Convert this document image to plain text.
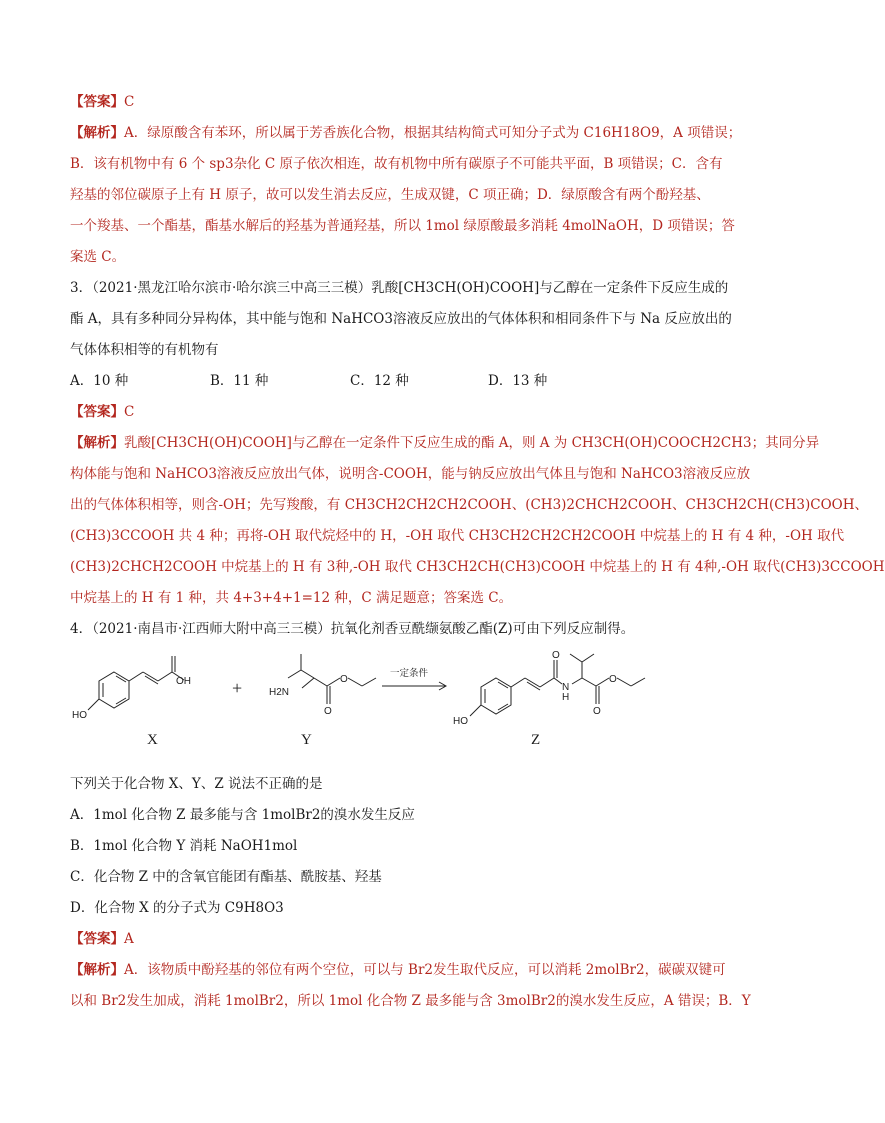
【答案】C
【解析】A．绿原酸含有苯环，所以属于芳香族化合物，根据其结构简式可知分子式为 C16H18O9，A 项错误；
B．该有机物中有 6 个 sp3杂化 C 原子依次相连，故有机物中所有碳原子不可能共平面，B 项错误；C．含有
羟基的邻位碳原子上有 H 原子，故可以发生消去反应，生成双键，C 项正确；D．绿原酸含有两个酚羟基、
一个羧基、一个酯基，酯基水解后的羟基为普通羟基，所以 1mol 绿原酸最多消耗 4molNaOH，D 项错误；答
案选 C。
3．（2021·黑龙江哈尔滨市·哈尔滨三中高三三模）乳酸[CH3CH(OH)COOH]与乙醇在一定条件下反应生成的
酯 A，具有多种同分异构体，其中能与饱和 NaHCO3溶液反应放出的气体体积和相同条件下与 Na 反应放出的
气体体积相等的有机物有
A．10 种	B．11 种	C．12 种	D．13 种
【答案】C
【解析】乳酸[CH3CH(OH)COOH]与乙醇在一定条件下反应生成的酯 A，则 A 为 CH3CH(OH)COOCH2CH3；其同分异
构体能与饱和 NaHCO3溶液反应放出气体，说明含-COOH，能与钠反应放出气体且与饱和 NaHCO3溶液反应放
出的气体体积相等，则含-OH；先写羧酸，有 CH3CH2CH2CH2COOH、(CH3)2CHCH2COOH、CH3CH2CH(CH3)COOH、
(CH3)3CCOOH 共 4 种；再将-OH 取代烷烃中的 H，-OH 取代 CH3CH2CH2CH2COOH 中烷基上的 H 有 4 种，-OH 取代
(CH3)2CHCH2COOH 中烷基上的 H 有 3种,-OH 取代 CH3CH2CH(CH3)COOH 中烷基上的 H 有 4种,-OH 取代(CH3)3CCOOH
中烷基上的 H 有 1 种，共 4+3+4+1=12 种，C 满足题意；答案选 C。
4．（2021·南昌市·江西师大附中高三三模）抗氧化剂香豆酰缬氨酸乙酯(Z)可由下列反应制得。
OH
HO
H2N
O
O
HO
O
N
H
O
O
+
一定条件
X	Y	Z
下列关于化合物 X、Y、Z 说法不正确的是
A．1mol 化合物 Z 最多能与含 1molBr2的溴水发生反应
B．1mol 化合物 Y 消耗 NaOH1mol
C．化合物 Z 中的含氧官能团有酯基、酰胺基、羟基
D．化合物 X 的分子式为 C9H8O3
【答案】A
【解析】A．该物质中酚羟基的邻位有两个空位，可以与 Br2发生取代反应，可以消耗 2molBr2，碳碳双键可
以和 Br2发生加成，消耗 1molBr2，所以 1mol 化合物 Z 最多能与含 3molBr2的溴水发生反应，A 错误；B．Y
